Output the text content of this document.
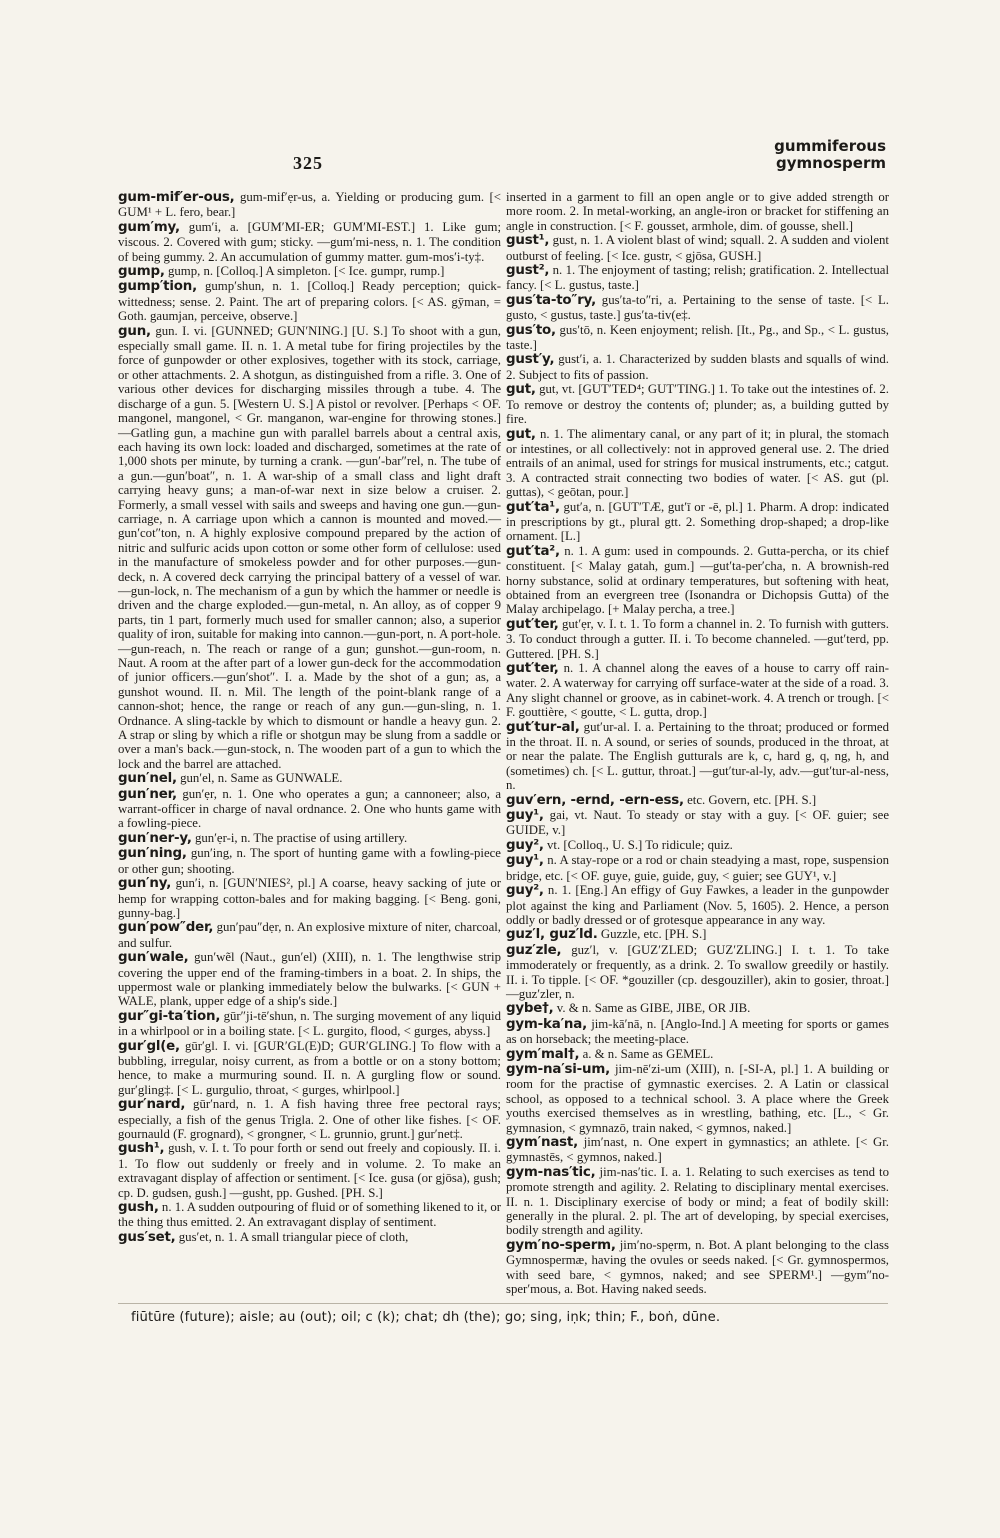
325
gummiferous
gymnosperm
gum-mif′er-ous, gum-mif′ẹr-us, a. Yielding or producing gum. [< GUM¹ + L. fero, bear.]
gum′my, gum′i, a. [GUM′MI-ER; GUM′MI-EST.] 1. Like gum; viscous. 2. Covered with gum; sticky. —gum′mi-ness, n. 1. The condition of being gummy. 2. An accumulation of gummy matter. gum-mos′i-ty‡.
gump, gump, n. [Colloq.] A simpleton. [< Ice. gumpr, rump.]
gump′tion, gump′shun, n. 1. [Colloq.] Ready perception; quick-wittedness; sense. 2. Paint. The art of preparing colors. [< AS. gȳman, = Goth. gaumjan, perceive, observe.]
gun, gun. I. vi. [GUNNED; GUN′NING.] [U. S.] To shoot with a gun, especially small game. II. n. 1. A metal tube for firing projectiles by the force of gunpowder or other explosives, together with its stock, carriage, or other attachments. 2. A shotgun, as distinguished from a rifle. 3. One of various other devices for discharging missiles through a tube. 4. The discharge of a gun. 5. [Western U. S.] A pistol or revolver. [Perhaps < OF. mangonel, mangonel, < Gr. manganon, war-engine for throwing stones.] —Gatling gun, a machine gun with parallel barrels about a central axis, each having its own lock: loaded and discharged, sometimes at the rate of 1,000 shots per minute, by turning a crank. —gun′-bar″rel, n. The tube of a gun.—gun′boat″, n. 1. A war-ship of a small class and light draft carrying heavy guns; a man-of-war next in size below a cruiser. 2. Formerly, a small vessel with sails and sweeps and having one gun.—gun-carriage, n. A carriage upon which a cannon is mounted and moved.—gun′cot″ton, n. A highly explosive compound prepared by the action of nitric and sulfuric acids upon cotton or some other form of cellulose: used in the manufacture of smokeless powder and for other purposes.—gun-deck, n. A covered deck carrying the principal battery of a vessel of war.—gun-lock, n. The mechanism of a gun by which the hammer or needle is driven and the charge exploded.—gun-metal, n. An alloy, as of copper 9 parts, tin 1 part, formerly much used for smaller cannon; also, a superior quality of iron, suitable for making into cannon.—gun-port, n. A port-hole.—gun-reach, n. The reach or range of a gun; gunshot.—gun-room, n. Naut. A room at the after part of a lower gun-deck for the accommodation of junior officers.—gun′shot″. I. a. Made by the shot of a gun; as, a gunshot wound. II. n. Mil. The length of the point-blank range of a cannon-shot; hence, the range or reach of any gun.—gun-sling, n. 1. Ordnance. A sling-tackle by which to dismount or handle a heavy gun. 2. A strap or sling by which a rifle or shotgun may be slung from a saddle or over a man's back.—gun-stock, n. The wooden part of a gun to which the lock and the barrel are attached.
gun′nel, gun′el, n. Same as GUNWALE.
gun′ner, gun′ẹr, n. 1. One who operates a gun; a cannoneer; also, a warrant-officer in charge of naval ordnance. 2. One who hunts game with a fowling-piece.
gun′ner-y, gun′ẹr-i, n. The practise of using artillery.
gun′ning, gun′ing, n. The sport of hunting game with a fowling-piece or other gun; shooting.
gun′ny, gun′i, n. [GUN′NIES², pl.] A coarse, heavy sacking of jute or hemp for wrapping cotton-bales and for making bagging. [< Beng. goni, gunny-bag.]
gun′pow″der, gun′pau″dẹr, n. An explosive mixture of niter, charcoal, and sulfur.
gun′wale, gun′wẽl (Naut., gun′el) (XIII), n. 1. The lengthwise strip covering the upper end of the framing-timbers in a boat. 2. In ships, the uppermost wale or planking immediately below the bulwarks. [< GUN + WALE, plank, upper edge of a ship's side.]
gur″gi-ta′tion, gūr″ji-tē′shun, n. The surging movement of any liquid in a whirlpool or in a boiling state. [< L. gurgito, flood, < gurges, abyss.]
gur′gl(e, gūr′gl. I. vi. [GUR′GL(E)D; GUR′GLING.] To flow with a bubbling, irregular, noisy current, as from a bottle or on a stony bottom; hence, to make a murmuring sound. II. n. A gurgling flow or sound. gur′gling‡. [< L. gurgulio, throat, < gurges, whirlpool.]
gur′nard, gūr′nard, n. 1. A fish having three free pectoral rays; especially, a fish of the genus Trigla. 2. One of other like fishes. [< OF. gournauld (F. grognard), < grongner, < L. grunnio, grunt.] gur′net‡.
gush¹, gush, v. I. t. To pour forth or send out freely and copiously. II. i. 1. To flow out suddenly or freely and in volume. 2. To make an extravagant display of affection or sentiment. [< Ice. gusa (or gjōsa), gush; cp. D. gudsen, gush.] —gusht, pp. Gushed. [PH. S.]
gush, n. 1. A sudden outpouring of fluid or of something likened to it, or the thing thus emitted. 2. An extravagant display of sentiment.
gus′set, gus′et, n. 1. A small triangular piece of cloth,
inserted in a garment to fill an open angle or to give added strength or more room. 2. In metal-working, an angle-iron or bracket for stiffening an angle in construction. [< F. gousset, armhole, dim. of gousse, shell.]
gust¹, gust, n. 1. A violent blast of wind; squall. 2. A sudden and violent outburst of feeling. [< Ice. gustr, < gjōsa, GUSH.]
gust², n. 1. The enjoyment of tasting; relish; gratification. 2. Intellectual fancy. [< L. gustus, taste.]
gus′ta-to″ry, gus′ta-to″ri, a. Pertaining to the sense of taste. [< L. gusto, < gustus, taste.] gus′ta-tiv(e‡.
gus′to, gus′tō, n. Keen enjoyment; relish. [It., Pg., and Sp., < L. gustus, taste.]
gust′y, gust′i, a. 1. Characterized by sudden blasts and squalls of wind. 2. Subject to fits of passion.
gut, gut, vt. [GUT′TED⁴; GUT′TING.] 1. To take out the intestines of. 2. To remove or destroy the contents of; plunder; as, a building gutted by fire.
gut, n. 1. The alimentary canal, or any part of it; in plural, the stomach or intestines, or all collectively: not in approved general use. 2. The dried entrails of an animal, used for strings for musical instruments, etc.; catgut. 3. A contracted strait connecting two bodies of water. [< AS. gut (pl. guttas), < geōtan, pour.]
gut′ta¹, gut′a, n. [GUT′TÆ, gut′ī or -ē, pl.] 1. Pharm. A drop: indicated in prescriptions by gt., plural gtt. 2. Something drop-shaped; a drop-like ornament. [L.]
gut′ta², n. 1. A gum: used in compounds. 2. Gutta-percha, or its chief constituent. [< Malay gatah, gum.] —gut′ta-per′cha, n. A brownish-red horny substance, solid at ordinary temperatures, but softening with heat, obtained from an evergreen tree (Isonandra or Dichopsis Gutta) of the Malay archipelago. [+ Malay percha, a tree.]
gut′ter, gut′ẹr, v. I. t. 1. To form a channel in. 2. To furnish with gutters. 3. To conduct through a gutter. II. i. To become channeled. —gut′terd, pp. Guttered. [PH. S.]
gut′ter, n. 1. A channel along the eaves of a house to carry off rain-water. 2. A waterway for carrying off surface-water at the side of a road. 3. Any slight channel or groove, as in cabinet-work. 4. A trench or trough. [< F. gouttière, < goutte, < L. gutta, drop.]
gut′tur-al, gut′ur-al. I. a. Pertaining to the throat; produced or formed in the throat. II. n. A sound, or series of sounds, produced in the throat, at or near the palate. The English gutturals are k, c, hard g, q, ng, h, and (sometimes) ch. [< L. guttur, throat.] —gut′tur-al-ly, adv.—gut′tur-al-ness, n.
guv′ern, -ernd, -ern-ess, etc. Govern, etc. [PH. S.]
guy¹, gai, vt. Naut. To steady or stay with a guy. [< OF. guier; see GUIDE, v.]
guy², vt. [Colloq., U. S.] To ridicule; quiz.
guy¹, n. A stay-rope or a rod or chain steadying a mast, rope, suspension bridge, etc. [< OF. guye, guie, guide, guy, < guier; see GUY¹, v.]
guy², n. 1. [Eng.] An effigy of Guy Fawkes, a leader in the gunpowder plot against the king and Parliament (Nov. 5, 1605). 2. Hence, a person oddly or badly dressed or of grotesque appearance in any way.
guz′l, guz′ld. Guzzle, etc. [PH. S.]
guz′zle, guz′l, v. [GUZ′ZLED; GUZ′ZLING.] I. t. 1. To take immoderately or frequently, as a drink. 2. To swallow greedily or hastily. II. i. To tipple. [< OF. *gouziller (cp. desgouziller), akin to gosier, throat.] —guz′zler, n.
gybe†, v. & n. Same as GIBE, JIBE, OR JIB.
gym-ka′na, jim-kā′nā, n. [Anglo-Ind.] A meeting for sports or games as on horseback; the meeting-place.
gym′mal†, a. & n. Same as GEMEL.
gym-na′si-um, jim-nē′zi-um (XIII), n. [-SI-A, pl.] 1. A building or room for the practise of gymnastic exercises. 2. A Latin or classical school, as opposed to a technical school. 3. A place where the Greek youths exercised themselves as in wrestling, bathing, etc. [L., < Gr. gymnasion, < gymnazō, train naked, < gymnos, naked.]
gym′nast, jim′nast, n. One expert in gymnastics; an athlete. [< Gr. gymnastēs, < gymnos, naked.]
gym-nas′tic, jim-nas′tic. I. a. 1. Relating to such exercises as tend to promote strength and agility. 2. Relating to disciplinary mental exercises. II. n. 1. Disciplinary exercise of body or mind; a feat of bodily skill: generally in the plural. 2. pl. The art of developing, by special exercises, bodily strength and agility.
gym′no-sperm, jim′no-spẹrm, n. Bot. A plant belonging to the class Gymnospermæ, having the ovules or seeds naked. [< Gr. gymnospermos, with seed bare, < gymnos, naked; and see SPERM¹.] —gym″no-sper′mous, a. Bot. Having naked seeds.
fiūtūre (future); aisle; au (out); oil; c (k); chat; dh (the); go; sing, iṇk; thin; F., boṅ, dūne.
